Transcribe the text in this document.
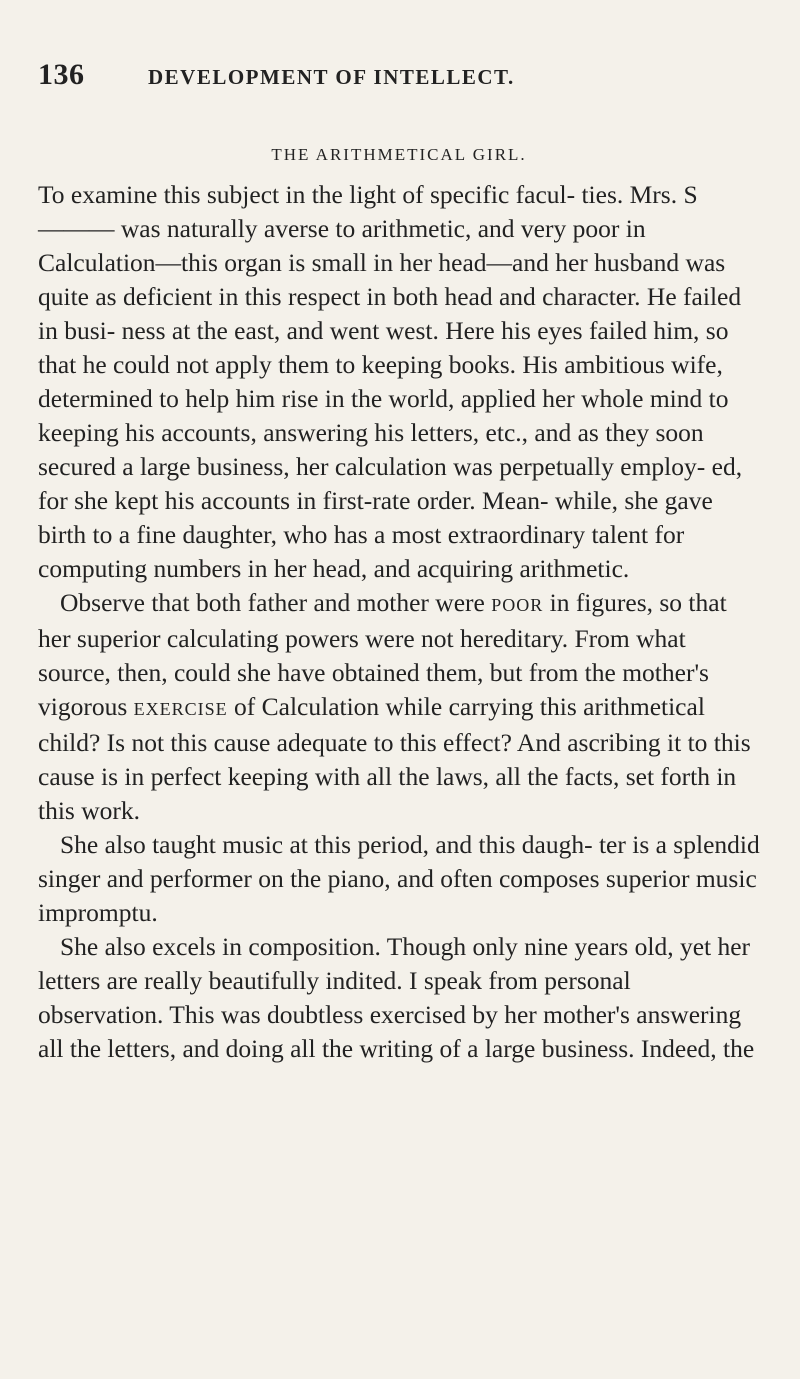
136	DEVELOPMENT OF INTELLECT.
THE ARITHMETICAL GIRL.

To examine this subject in the light of specific facul- ties. Mrs. S——— was naturally averse to arithmetic, and very poor in Calculation—this organ is small in her head—and her husband was quite as deficient in this respect in both head and character. He failed in busi- ness at the east, and went west. Here his eyes failed him, so that he could not apply them to keeping books. His ambitious wife, determined to help him rise in the world, applied her whole mind to keeping his accounts, answering his letters, etc., and as they soon secured a large business, her calculation was perpetually employ- ed, for she kept his accounts in first-rate order. Mean- while, she gave birth to a fine daughter, who has a most extraordinary talent for computing numbers in her head, and acquiring arithmetic.

Observe that both father and mother were POOR in figures, so that her superior calculating powers were not hereditary. From what source, then, could she have obtained them, but from the mother's vigorous EXERCISE of Calculation while carrying this arithmetical child? Is not this cause adequate to this effect? And ascribing it to this cause is in perfect keeping with all the laws, all the facts, set forth in this work.

She also taught music at this period, and this daugh- ter is a splendid singer and performer on the piano, and often composes superior music impromptu.

She also excels in composition. Though only nine years old, yet her letters are really beautifully indited. I speak from personal observation. This was doubtless exercised by her mother's answering all the letters, and doing all the writing of a large business. Indeed, the
